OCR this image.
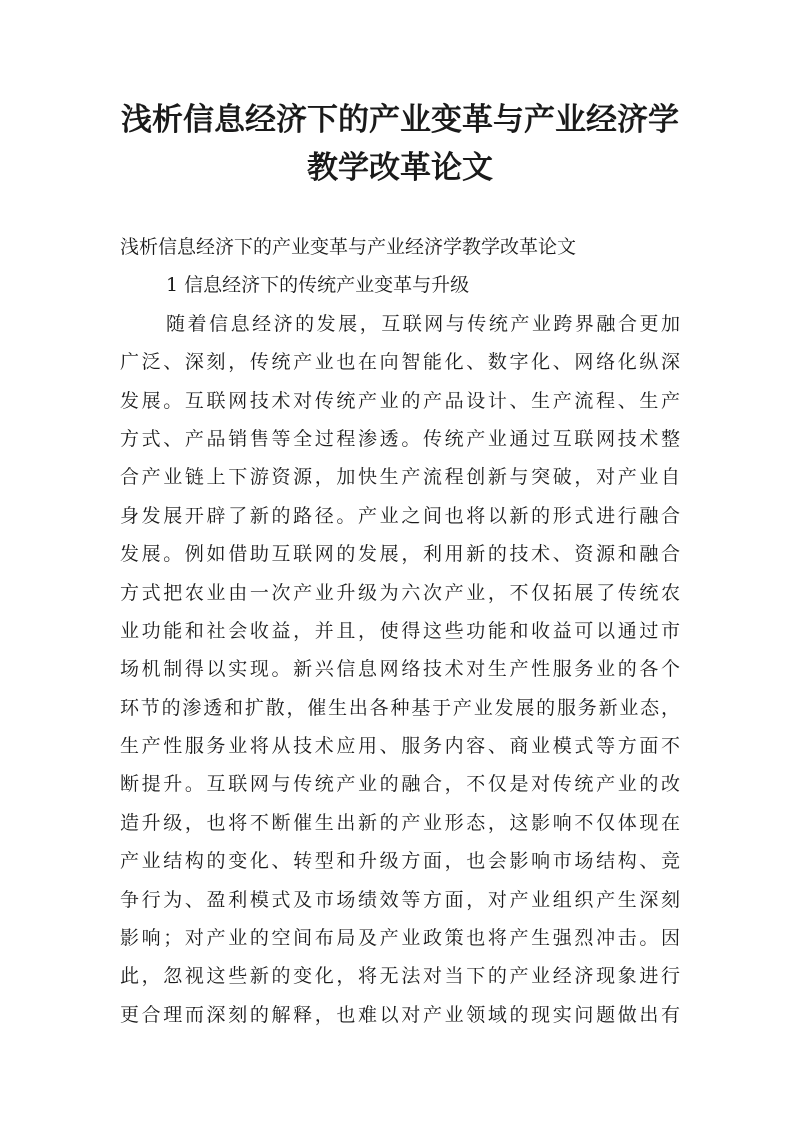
浅析信息经济下的产业变革与产业经济学
教学改革论文
浅析信息经济下的产业变革与产业经济学教学改革论文
1 信息经济下的传统产业变革与升级
随着信息经济的发展，互联网与传统产业跨界融合更加
广泛、深刻，传统产业也在向智能化、数字化、网络化纵深
发展。互联网技术对传统产业的产品设计、生产流程、生产
方式、产品销售等全过程渗透。传统产业通过互联网技术整
合产业链上下游资源，加快生产流程创新与突破，对产业自
身发展开辟了新的路径。产业之间也将以新的形式进行融合
发展。例如借助互联网的发展，利用新的技术、资源和融合
方式把农业由一次产业升级为六次产业，不仅拓展了传统农
业功能和社会收益，并且，使得这些功能和收益可以通过市
场机制得以实现。新兴信息网络技术对生产性服务业的各个
环节的渗透和扩散，催生出各种基于产业发展的服务新业态，
生产性服务业将从技术应用、服务内容、商业模式等方面不
断提升。互联网与传统产业的融合，不仅是对传统产业的改
造升级，也将不断催生出新的产业形态，这影响不仅体现在
产业结构的变化、转型和升级方面，也会影响市场结构、竞
争行为、盈利模式及市场绩效等方面，对产业组织产生深刻
影响；对产业的空间布局及产业政策也将产生强烈冲击。因
此，忽视这些新的变化，将无法对当下的产业经济现象进行
更合理而深刻的解释，也难以对产业领域的现实问题做出有
